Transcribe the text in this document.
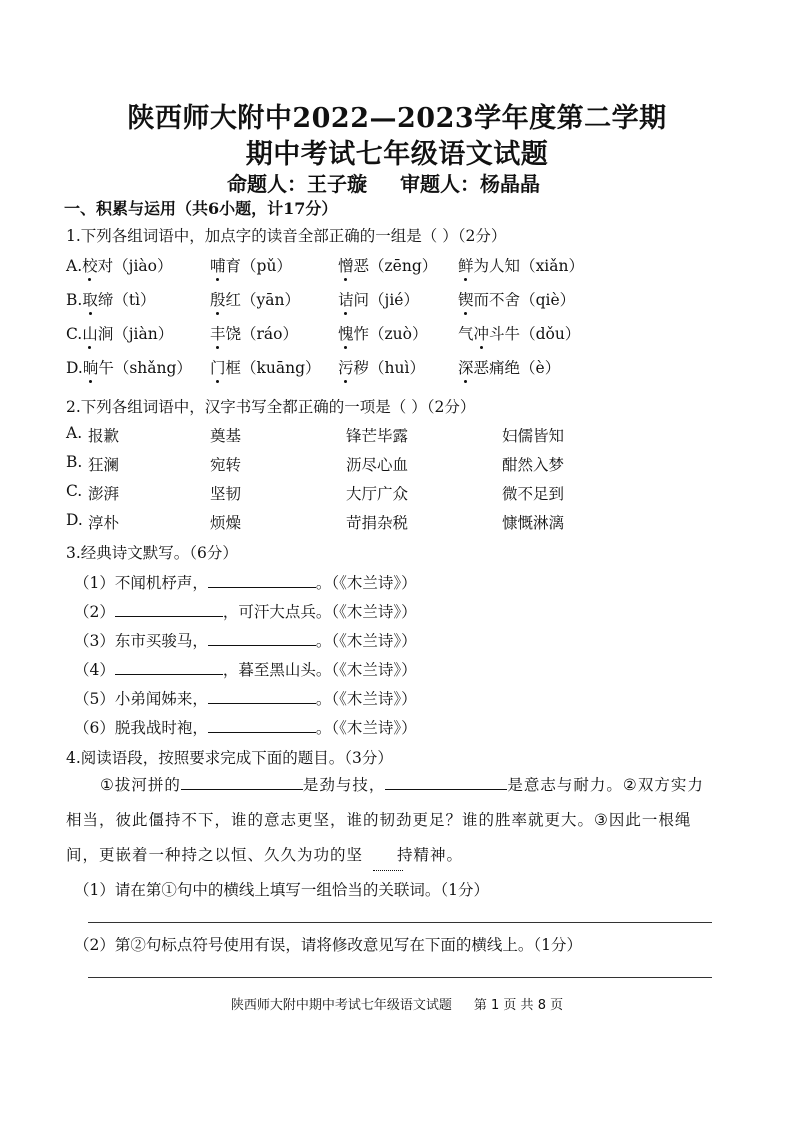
陕西师大附中2022—2023学年度第二学期
期中考试七年级语文试题
命题人：王子璇 审题人：杨晶晶
一、积累与运用（共6小题，计17分）
1.下列各组词语中，加点字的读音全部正确的一组是（ ）（2分）
A.校对（jiào） 哺育（pǔ）	憎恶（zēng） 鲜为人知（xiǎn）
B.取缔（tì）	殷红（yān） 诘问（jié）	锲而不舍（qiè）
C.山涧（jiàn） 丰饶（ráo）	愧怍（zuò） 气冲斗牛（dǒu）
D.晌午（shǎng） 门框（kuāng） 污秽（huì） 深恶痛绝（è）
2.下列各组词语中，汉字书写全都正确的一项是（ ）（2分）
A. 报歉	奠基	锋芒毕露	妇儒皆知
B. 狂澜	宛转	沥尽心血	酣然入梦
C. 澎湃	坚韧	大厅广众	微不足到
D. 淳朴	烦燥	苛捐杂税	慷慨淋漓
3.经典诗文默写。（6分）
（1）不闻机杼声，	。（《木兰诗》）
（2）	，可汗大点兵。（《木兰诗》）
（3）东市买骏马，	。（《木兰诗》）
（4）	，暮至黑山头。（《木兰诗》）
（5）小弟闻姊来，	。（《木兰诗》）
（6）脱我战时袍，	。（《木兰诗》）
4.阅读语段，按照要求完成下面的题目。（3分）
①拔河拼的	是劲与技，	是意志与耐力。②双方实力相当，彼此僵持不下，谁的意志更坚，谁的韧劲更足？谁的胜率就更大。③因此一根绳间，更嵌着一种持之以恒、久久为功的坚 持精神。
（1）请在第①句中的横线上填写一组恰当的关联词。（1分）
（2）第②句标点符号使用有误，请将修改意见写在下面的横线上。（1分）
陕西师大附中期中考试七年级语文试题 第 1 页 共 8 页
